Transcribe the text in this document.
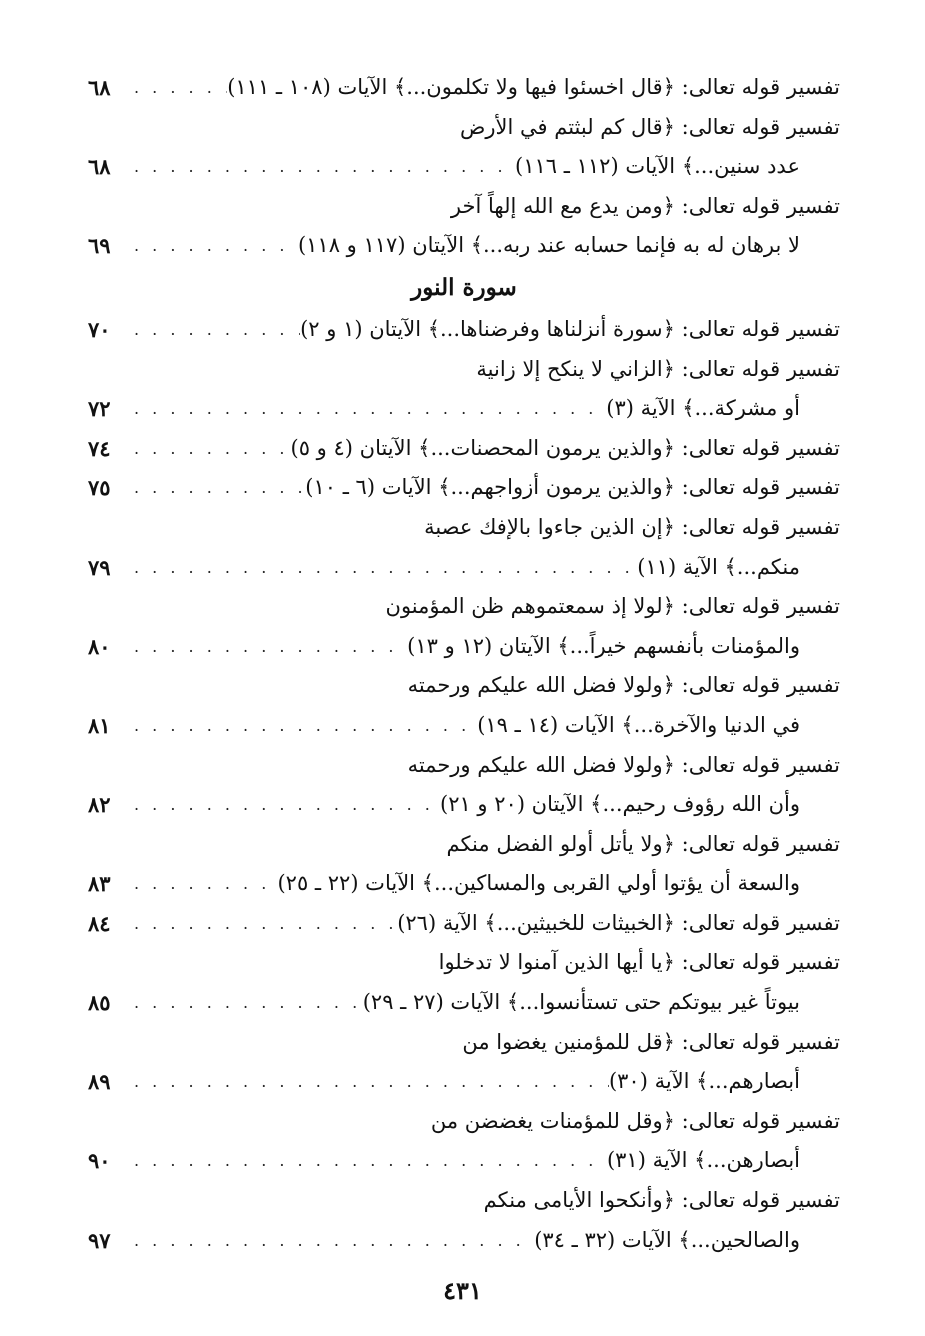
تفسير قوله تعالى: ﴿قال اخسئوا فيها ولا تكلمون...﴾ الآيات (١٠٨ ـ ١١١)
. . .
٦٨
تفسير قوله تعالى: ﴿قال كم لبثتم في الأرض
عدد سنين...﴾ الآيات (١١٢ ـ ١١٦)
. . .
٦٨
تفسير قوله تعالى: ﴿ومن يدع مع الله إلهاً آخر
لا برهان له به فإنما حسابه عند ربه...﴾ الآيتان (١١٧ و ١١٨)
. . .
٦٩
سورة النور
تفسير قوله تعالى: ﴿سورة أنزلناها وفرضناها...﴾ الآيتان (١ و ٢)
. . .
٧٠
تفسير قوله تعالى: ﴿الزاني لا ينكح إلا زانية
أو مشركة...﴾ الآية (٣)
. . .
٧٢
تفسير قوله تعالى: ﴿والذين يرمون المحصنات...﴾ الآيتان (٤ و ٥)
. . .
٧٤
تفسير قوله تعالى: ﴿والذين يرمون أزواجهم...﴾ الآيات (٦ ـ ١٠)
. . .
٧٥
تفسير قوله تعالى: ﴿إن الذين جاءوا بالإفك عصبة
منكم...﴾ الآية (١١)
. . .
٧٩
تفسير قوله تعالى: ﴿لولا إذ سمعتموهم ظن المؤمنون
والمؤمنات بأنفسهم خيراً...﴾ الآيتان (١٢ و ١٣)
. . .
٨٠
تفسير قوله تعالى: ﴿ولولا فضل الله عليكم ورحمته
في الدنيا والآخرة...﴾ الآيات (١٤ ـ ١٩)
. . .
٨١
تفسير قوله تعالى: ﴿ولولا فضل الله عليكم ورحمته
وأن الله رؤوف رحيم...﴾ الآيتان (٢٠ و ٢١)
. . .
٨٢
تفسير قوله تعالى: ﴿ولا يأتل أولو الفضل منكم
والسعة أن يؤتوا أولي القربى والمساكين...﴾ الآيات (٢٢ ـ ٢٥)
. . .
٨٣
تفسير قوله تعالى: ﴿الخبيثات للخبيثين...﴾ الآية (٢٦)
. . .
٨٤
تفسير قوله تعالى: ﴿يا أيها الذين آمنوا لا تدخلوا
بيوتاً غير بيوتكم حتى تستأنسوا...﴾ الآيات (٢٧ ـ ٢٩)
. . .
٨٥
تفسير قوله تعالى: ﴿قل للمؤمنين يغضوا من
أبصارهم...﴾ الآية (٣٠)
. . .
٨٩
تفسير قوله تعالى: ﴿وقل للمؤمنات يغضضن من
أبصارهن...﴾ الآية (٣١)
. . .
٩٠
تفسير قوله تعالى: ﴿وأنكحوا الأيامى منكم
والصالحين...﴾ الآيات (٣٢ ـ ٣٤)
. . .
٩٧
٤٣١
